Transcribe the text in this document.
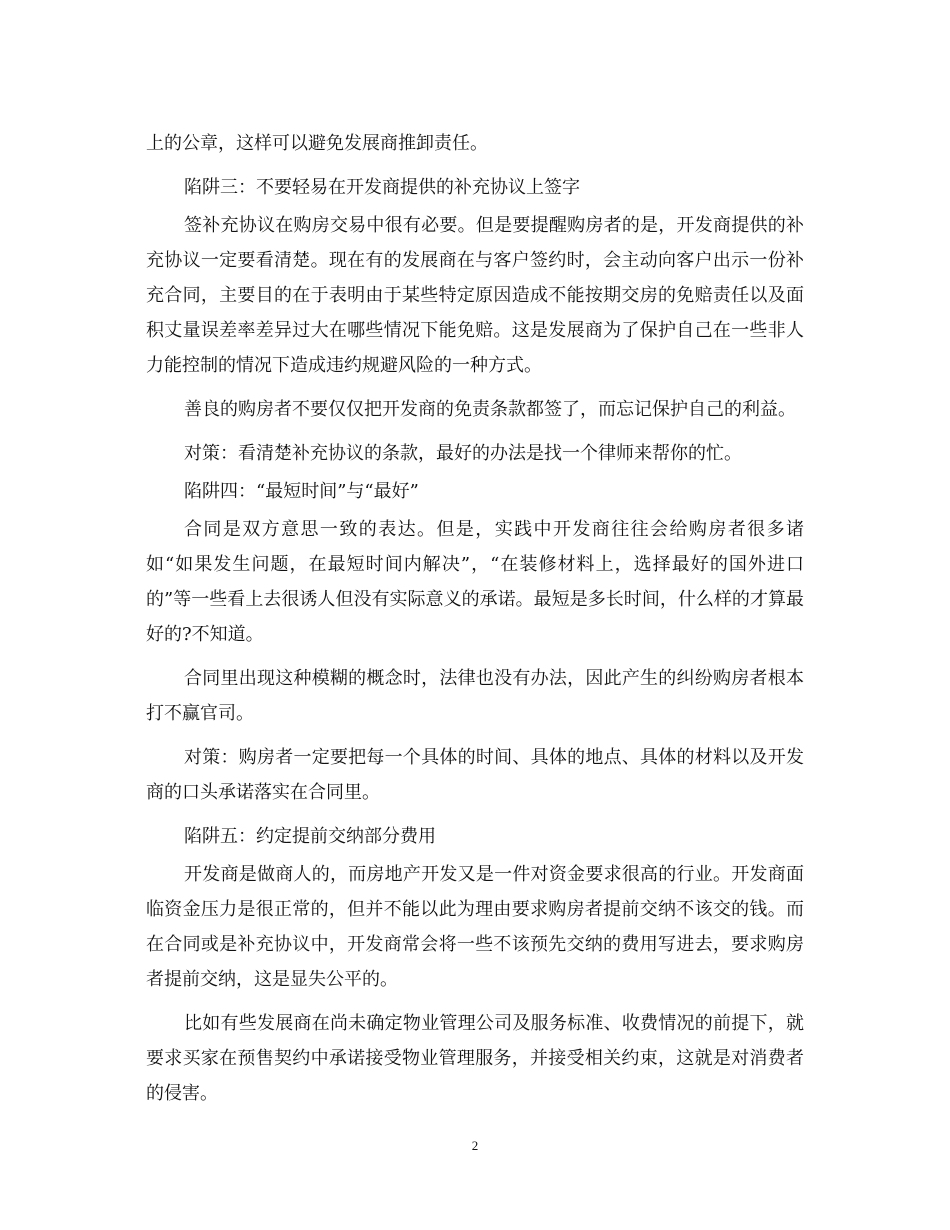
上的公章，这样可以避免发展商推卸责任。

陷阱三：不要轻易在开发商提供的补充协议上签字

签补充协议在购房交易中很有必要。但是要提醒购房者的是，开发商提供的补充协议一定要看清楚。现在有的发展商在与客户签约时，会主动向客户出示一份补充合同，主要目的在于表明由于某些特定原因造成不能按期交房的免赔责任以及面积丈量误差率差异过大在哪些情况下能免赔。这是发展商为了保护自己在一些非人力能控制的情况下造成违约规避风险的一种方式。

善良的购房者不要仅仅把开发商的免责条款都签了，而忘记保护自己的利益。

对策：看清楚补充协议的条款，最好的办法是找一个律师来帮你的忙。

陷阱四：“最短时间”与“最好”

合同是双方意思一致的表达。但是，实践中开发商往往会给购房者很多诸如“如果发生问题，在最短时间内解决”，“在装修材料上，选择最好的国外进口的”等一些看上去很诱人但没有实际意义的承诺。最短是多长时间，什么样的才算最好的?不知道。

合同里出现这种模糊的概念时，法律也没有办法，因此产生的纠纷购房者根本打不赢官司。

对策：购房者一定要把每一个具体的时间、具体的地点、具体的材料以及开发商的口头承诺落实在合同里。

陷阱五：约定提前交纳部分费用

开发商是做商人的，而房地产开发又是一件对资金要求很高的行业。开发商面临资金压力是很正常的，但并不能以此为理由要求购房者提前交纳不该交的钱。而在合同或是补充协议中，开发商常会将一些不该预先交纳的费用写进去，要求购房者提前交纳，这是显失公平的。

比如有些发展商在尚未确定物业管理公司及服务标准、收费情况的前提下，就要求买家在预售契约中承诺接受物业管理服务，并接受相关约束，这就是对消费者的侵害。

2
